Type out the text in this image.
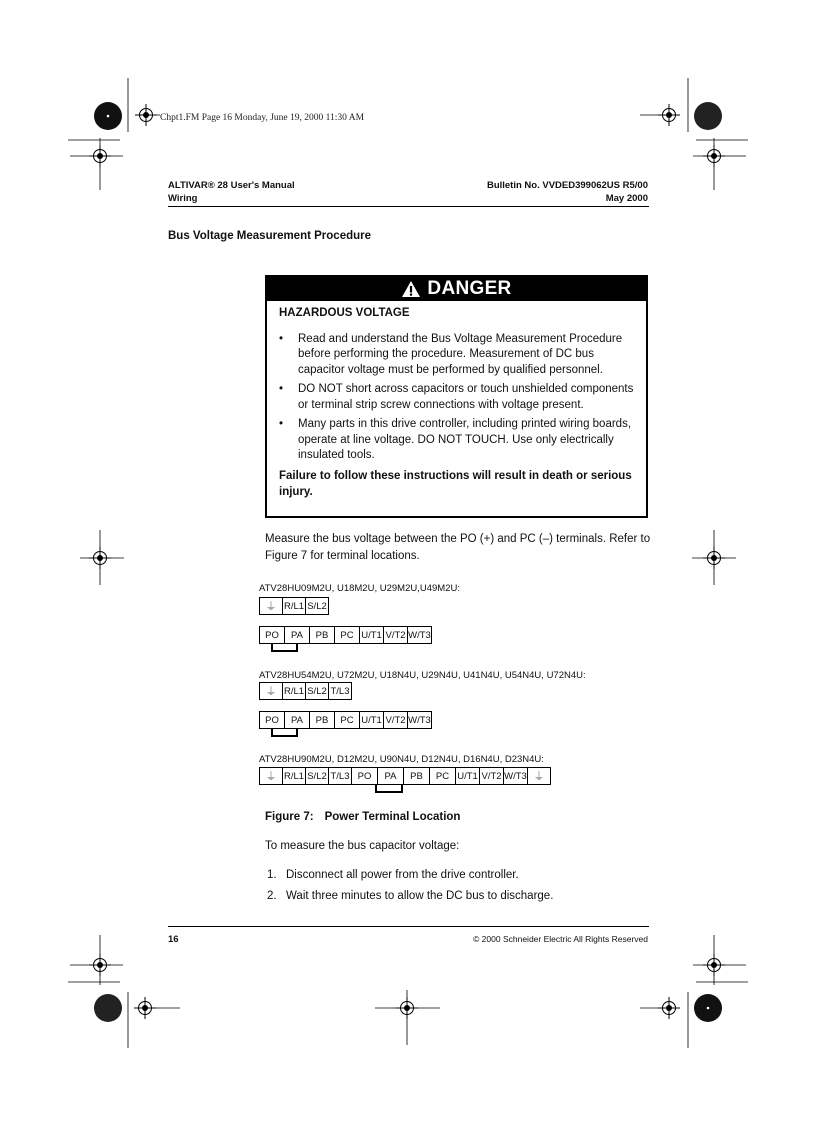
Chpt1.FM Page 16 Monday, June 19, 2000 11:30 AM
ALTIVAR® 28 User's Manual
Wiring
Bulletin No. VVDED399062US R5/00
May 2000
Bus Voltage Measurement Procedure
DANGER
HAZARDOUS VOLTAGE
• Read and understand the Bus Voltage Measurement Procedure before performing the procedure. Measurement of DC bus capacitor voltage must be performed by qualified personnel.
• DO NOT short across capacitors or touch unshielded components or terminal strip screw connections with voltage present.
• Many parts in this drive controller, including printed wiring boards, operate at line voltage. DO NOT TOUCH. Use only electrically insulated tools.
Failure to follow these instructions will result in death or serious injury.
Measure the bus voltage between the PO (+) and PC (–) terminals. Refer to Figure 7 for terminal locations.
ATV28HU09M2U, U18M2U, U29M2U,U49M2U:
⏚ R/L1 S/L2
PO	PA	PB	PC U/T1 V/T2 W/T3
ATV28HU54M2U, U72M2U, U18N4U, U29N4U, U41N4U, U54N4U, U72N4U:
⏚ R/L1 S/L2 T/L3
PO	PA	PB	PC U/T1 V/T2 W/T3
ATV28HU90M2U, D12M2U, U90N4U, D12N4U, D16N4U, D23N4U:
⏚ R/L1 S/L2 T/L3 PO	PA	PB	PC U/T1 V/T2 W/T3 ⏚
Figure 7: Power Terminal Location
To measure the bus capacitor voltage:
1. Disconnect all power from the drive controller.
2. Wait three minutes to allow the DC bus to discharge.
16	© 2000 Schneider Electric All Rights Reserved
